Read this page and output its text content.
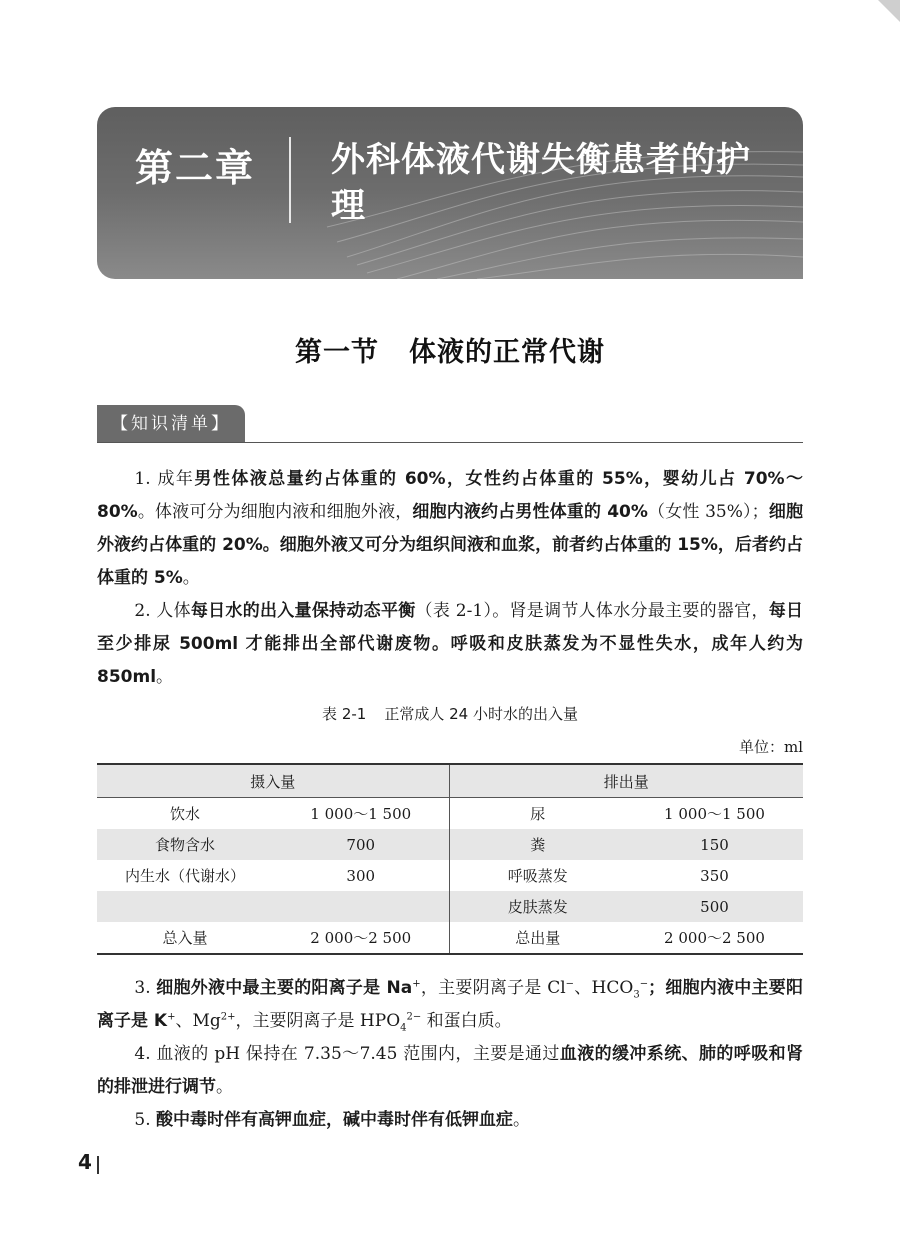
第二章 外科体液代谢失衡患者的护理
第一节 体液的正常代谢
【知识清单】

1. 成年男性体液总量约占体重的 60%，女性约占体重的 55%，婴幼儿占 70%～80%。体液可分为细胞内液和细胞外液，细胞内液约占男性体重的 40%（女性 35%）；细胞外液约占体重的 20%。细胞外液又可分为组织间液和血浆，前者约占体重的 15%，后者约占体重的 5%。

2. 人体每日水的出入量保持动态平衡（表 2-1）。肾是调节人体水分最主要的器官，每日至少排尿 500ml 才能排出全部代谢废物。呼吸和皮肤蒸发为不显性失水，成年人约为 850ml。

表 2-1 正常成人 24 小时水的出入量
单位：ml
摄入量		排出量	
饮水	1 000～1 500	尿	1 000～1 500
食物含水	700	粪	150
内生水（代谢水）	300	呼吸蒸发	350
		皮肤蒸发	500
总入量	2 000～2 500	总出量	2 000～2 500

3. 细胞外液中最主要的阳离子是 Na+，主要阴离子是 Cl−、$HCO_3^-$；细胞内液中主要阳离子是 K+、$Mg^{2+}$，主要阴离子是 $HPO_4^{2-}$ 和蛋白质。

4. 血液的 pH 保持在 7.35～7.45 范围内，主要是通过血液的缓冲系统、肺的呼吸和肾的排泄进行调节。

5. 酸中毒时伴有高钾血症，碱中毒时伴有低钾血症。

4
